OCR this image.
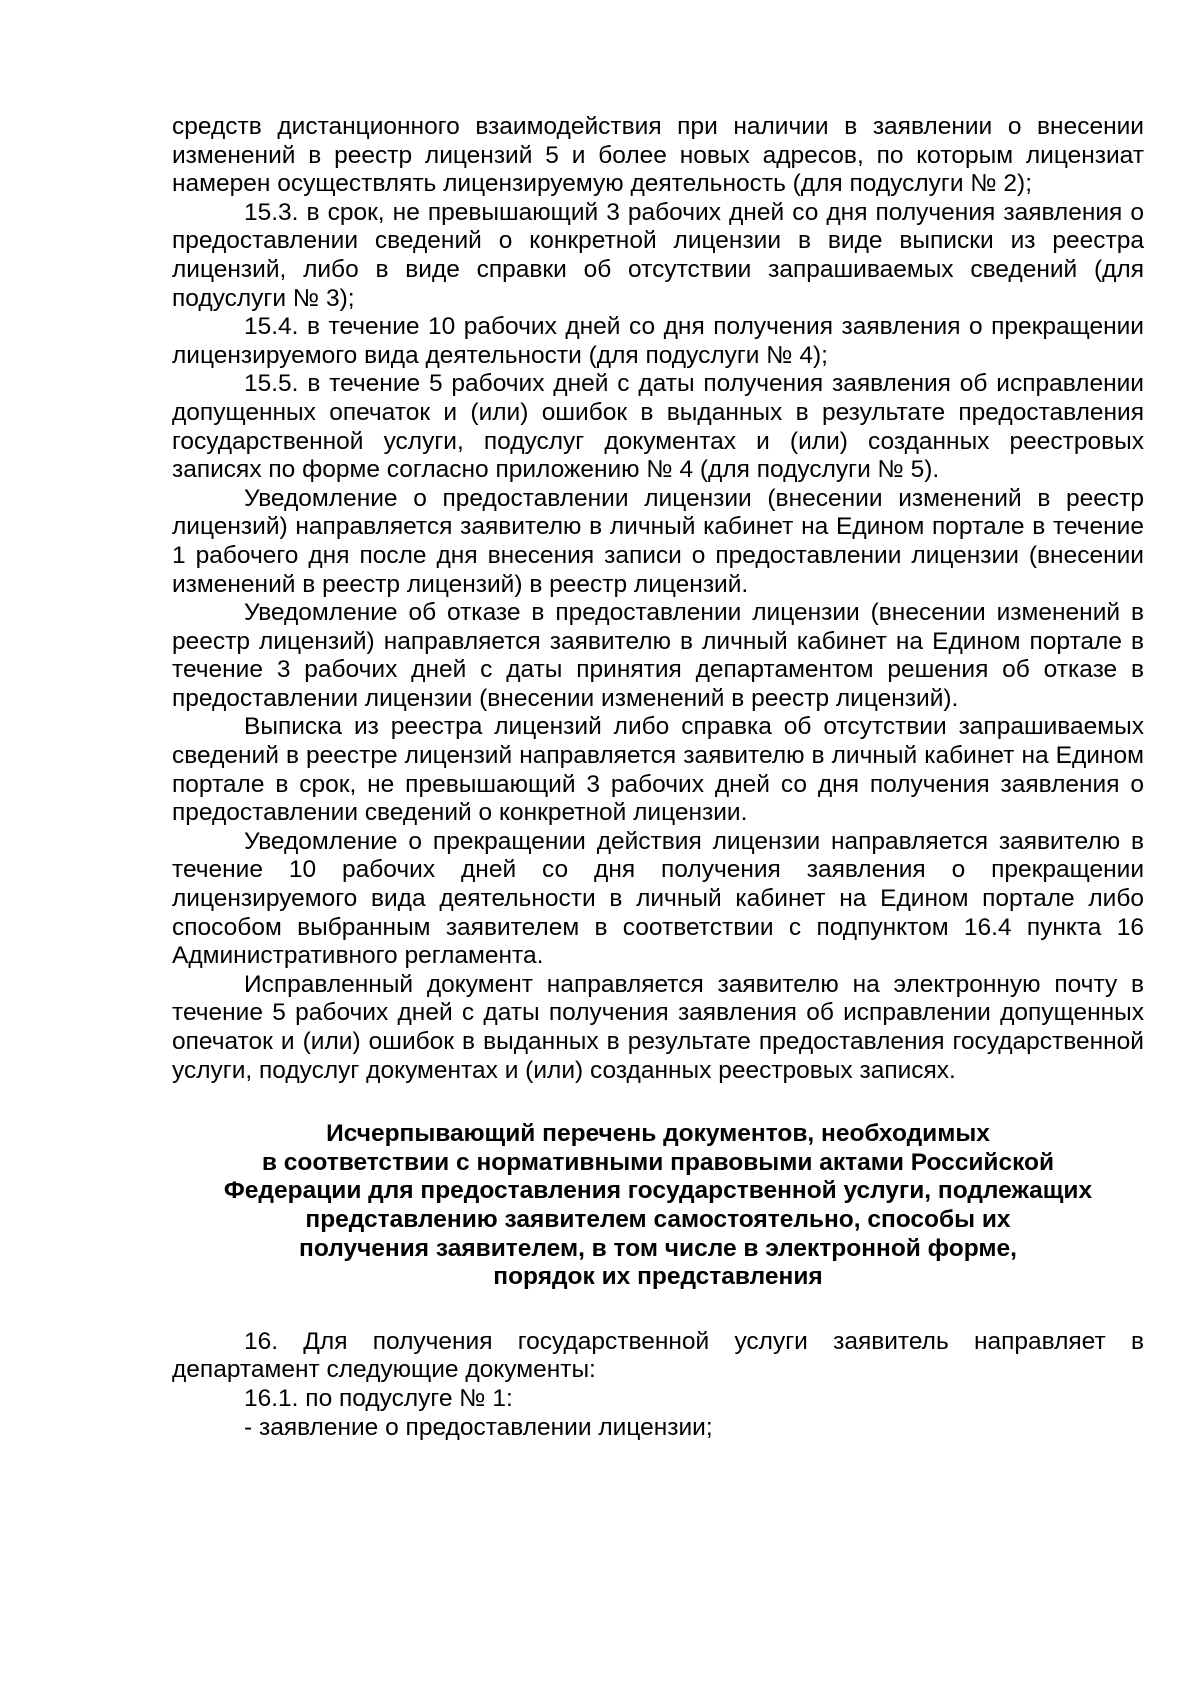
средств дистанционного взаимодействия при наличии в заявлении о внесении изменений в реестр лицензий 5 и более новых адресов, по которым лицензиат намерен осуществлять лицензируемую деятельность (для подуслуги № 2);

15.3. в срок, не превышающий 3 рабочих дней со дня получения заявления о предоставлении сведений о конкретной лицензии в виде выписки из реестра лицензий, либо в виде справки об отсутствии запрашиваемых сведений (для подуслуги № 3);

15.4. в течение 10 рабочих дней со дня получения заявления о прекращении лицензируемого вида деятельности (для подуслуги № 4);

15.5. в течение 5 рабочих дней с даты получения заявления об исправлении допущенных опечаток и (или) ошибок в выданных в результате предоставления государственной услуги, подуслуг документах и (или) созданных реестровых записях по форме согласно приложению № 4 (для подуслуги № 5).

Уведомление о предоставлении лицензии (внесении изменений в реестр лицензий) направляется заявителю в личный кабинет на Едином портале в течение 1 рабочего дня после дня внесения записи о предоставлении лицензии (внесении изменений в реестр лицензий) в реестр лицензий.

Уведомление об отказе в предоставлении лицензии (внесении изменений в реестр лицензий) направляется заявителю в личный кабинет на Едином портале в течение 3 рабочих дней с даты принятия департаментом решения об отказе в предоставлении лицензии (внесении изменений в реестр лицензий).

Выписка из реестра лицензий либо справка об отсутствии запрашиваемых сведений в реестре лицензий направляется заявителю в личный кабинет на Едином портале в срок, не превышающий 3 рабочих дней со дня получения заявления о предоставлении сведений о конкретной лицензии.

Уведомление о прекращении действия лицензии направляется заявителю в течение 10 рабочих дней со дня получения заявления о прекращении лицензируемого вида деятельности в личный кабинет на Едином портале либо способом выбранным заявителем в соответствии с подпунктом 16.4 пункта 16 Административного регламента.

Исправленный документ направляется заявителю на электронную почту в течение 5 рабочих дней с даты получения заявления об исправлении допущенных опечаток и (или) ошибок в выданных в результате предоставления государственной услуги, подуслуг документах и (или) созданных реестровых записях.

Исчерпывающий перечень документов, необходимых
в соответствии с нормативными правовыми актами Российской
Федерации для предоставления государственной услуги, подлежащих
представлению заявителем самостоятельно, способы их
получения заявителем, в том числе в электронной форме,
порядок их представления

16. Для получения государственной услуги заявитель направляет в департамент следующие документы:

16.1. по подуслуге № 1:

- заявление о предоставлении лицензии;
